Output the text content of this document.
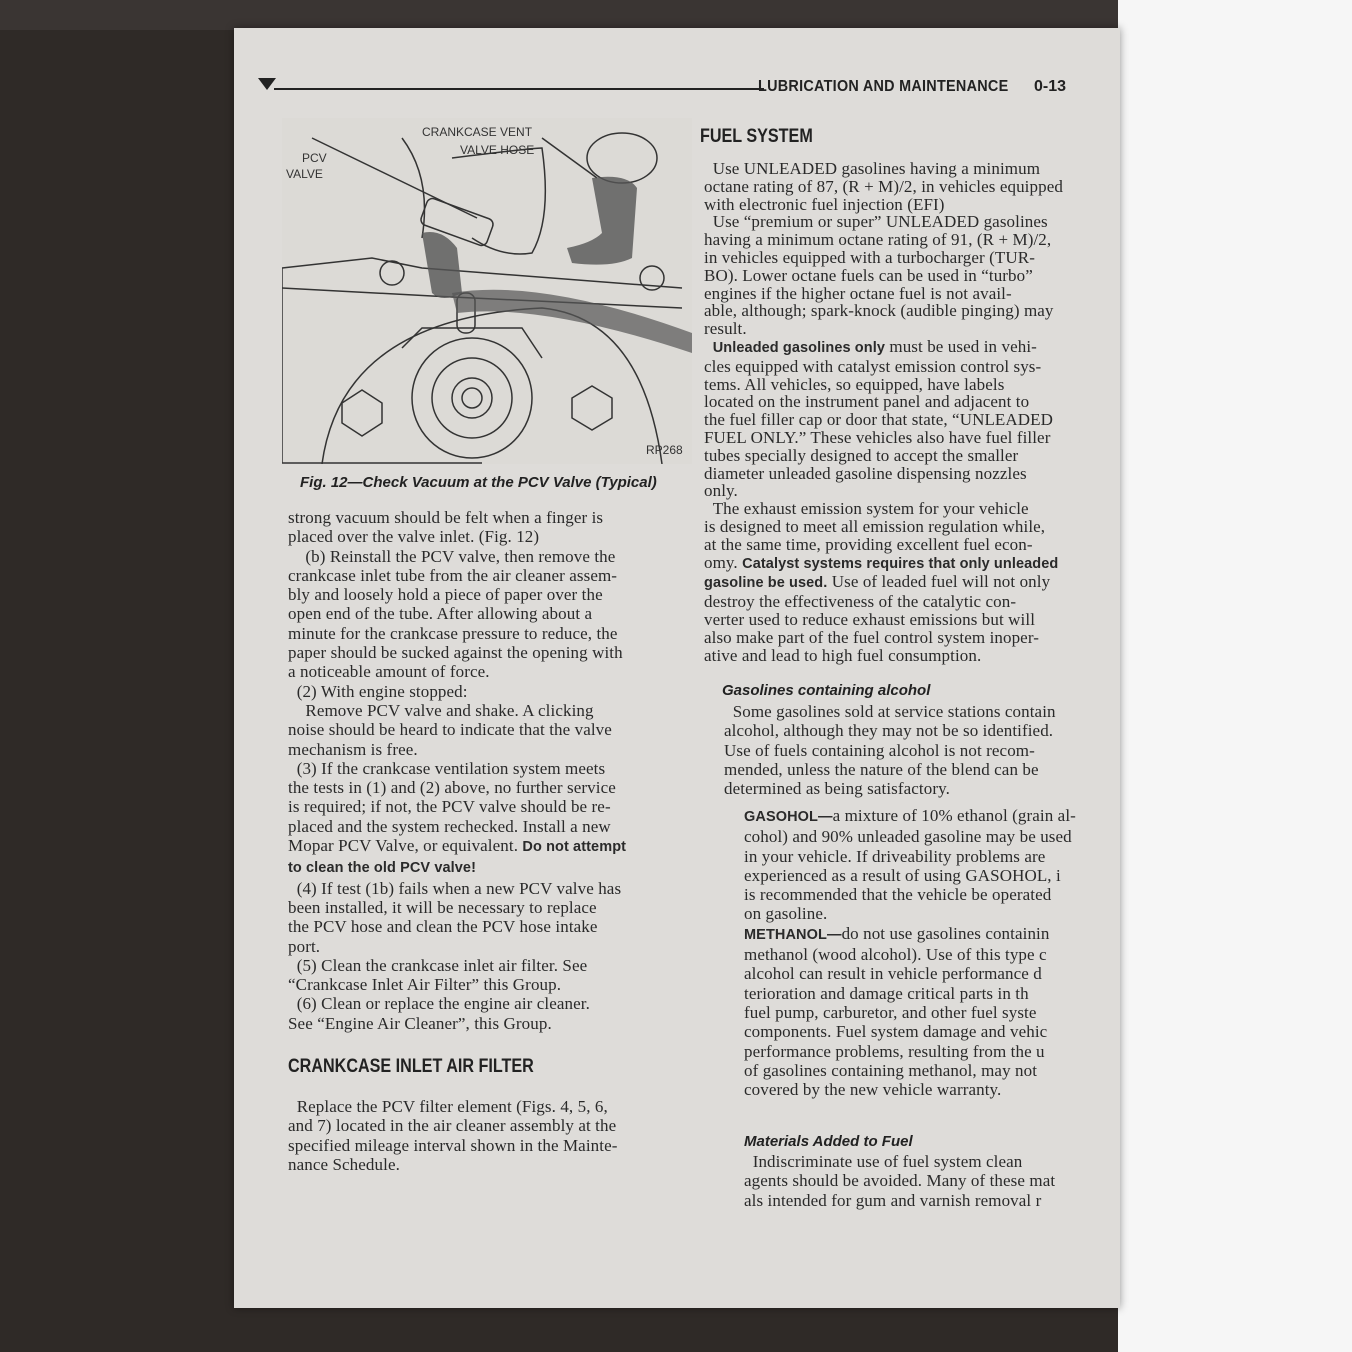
LUBRICATION AND MAINTENANCE 0-13
CRANKCASE VENT
VALVE HOSE
PCV
VALVE
RP268
Fig. 12—Check Vacuum at the PCV Valve (Typical)
strong vacuum should be felt when a finger is
placed over the valve inlet. (Fig. 12)
(b) Reinstall the PCV valve, then remove the
crankcase inlet tube from the air cleaner assem-
bly and loosely hold a piece of paper over the
open end of the tube. After allowing about a
minute for the crankcase pressure to reduce, the
paper should be sucked against the opening with
a noticeable amount of force.
(2) With engine stopped:
Remove PCV valve and shake. A clicking
noise should be heard to indicate that the valve
mechanism is free.
(3) If the crankcase ventilation system meets
the tests in (1) and (2) above, no further service
is required; if not, the PCV valve should be re-
placed and the system rechecked. Install a new
Mopar PCV Valve, or equivalent. Do not attempt
to clean the old PCV valve!
(4) If test (1b) fails when a new PCV valve has
been installed, it will be necessary to replace
the PCV hose and clean the PCV hose intake
port.
(5) Clean the crankcase inlet air filter. See
“Crankcase Inlet Air Filter” this Group.
(6) Clean or replace the engine air cleaner.
See “Engine Air Cleaner”, this Group.
CRANKCASE INLET AIR FILTER
Replace the PCV filter element (Figs. 4, 5, 6,
and 7) located in the air cleaner assembly at the
specified mileage interval shown in the Mainte-
nance Schedule.
FUEL SYSTEM
Use UNLEADED gasolines having a minimum
octane rating of 87, (R + M)/2, in vehicles equipped
with electronic fuel injection (EFI)
Use “premium or super” UNLEADED gasolines
having a minimum octane rating of 91, (R + M)/2,
in vehicles equipped with a turbocharger (TUR-
BO). Lower octane fuels can be used in “turbo”
engines if the higher octane fuel is not avail-
able, although; spark-knock (audible pinging) may
result.
Unleaded gasolines only must be used in vehi-
cles equipped with catalyst emission control sys-
tems. All vehicles, so equipped, have labels
located on the instrument panel and adjacent to
the fuel filler cap or door that state, “UNLEADED
FUEL ONLY.” These vehicles also have fuel filler
tubes specially designed to accept the smaller
diameter unleaded gasoline dispensing nozzles
only.
The exhaust emission system for your vehicle
is designed to meet all emission regulation while,
at the same time, providing excellent fuel econ-
omy. Catalyst systems requires that only unleaded
gasoline be used. Use of leaded fuel will not only
destroy the effectiveness of the catalytic con-
verter used to reduce exhaust emissions but will
also make part of the fuel control system inoper-
ative and lead to high fuel consumption.
Gasolines containing alcohol
Some gasolines sold at service stations contain
alcohol, although they may not be so identified.
Use of fuels containing alcohol is not recom-
mended, unless the nature of the blend can be
determined as being satisfactory.
GASOHOL—a mixture of 10% ethanol (grain al-
cohol) and 90% unleaded gasoline may be used
in your vehicle. If driveability problems are
experienced as a result of using GASOHOL, i
is recommended that the vehicle be operated
on gasoline.
METHANOL—do not use gasolines containin
methanol (wood alcohol). Use of this type c
alcohol can result in vehicle performance d
terioration and damage critical parts in th
fuel pump, carburetor, and other fuel syste
components. Fuel system damage and vehic
performance problems, resulting from the u
of gasolines containing methanol, may not
covered by the new vehicle warranty.
Materials Added to Fuel
Indiscriminate use of fuel system clean
agents should be avoided. Many of these mat
als intended for gum and varnish removal r
